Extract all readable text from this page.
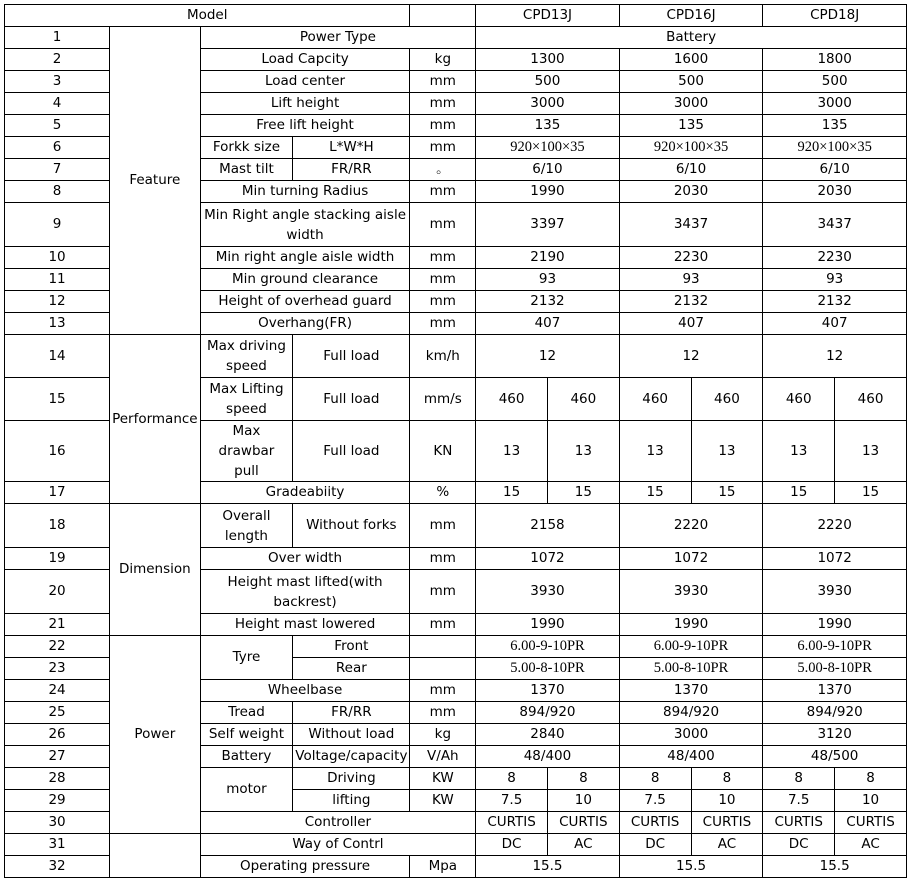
Model					CPD13J		CPD16J		CPD18J	
1	Feature	Power Type			Battery					
2		Load Capcity		kg	1300		1600		1800	
3		Load center		mm	500		500		500	
4		Lift height		mm	3000		3000		3000	
5		Free lift height		mm	135		135		135	
6		Forkk size	L*W*H	mm	920×100×35		920×100×35		920×100×35	
7		Mast tilt	FR/RR	。	6/10		6/10		6/10	
8		Min turning Radius		mm	1990		2030		2030	
9		Min Right angle stacking aisle
width		mm	3397		3437		3437	
10		Min right angle aisle width		mm	2190		2230		2230	
11		Min ground clearance		mm	93		93		93	
12		Height of overhead guard		mm	2132		2132		2132	
13		Overhang(FR)		mm	407		407		407	
14	Performance	Max driving
speed	Full load	km/h	12		12		12	
15		Max Lifting
speed	Full load	mm/s	460	460	460	460	460	460
16		Max drawbar
pull	Full load	KN	13	13	13	13	13	13
17		Gradeabiity		%	15	15	15	15	15	15
18	Dimension	Overall
length	Without forks	mm	2158		2220		2220	
19		Over width		mm	1072		1072		1072	
20		Height mast lifted(with
backrest)		mm	3930		3930		3930	
21		Height mast lowered		mm	1990		1990		1990	
22	Power	Tyre	Front		6.00-9-10PR		6.00-9-10PR		6.00-9-10PR	
23			Rear		5.00-8-10PR		5.00-8-10PR		5.00-8-10PR	
24		Wheelbase		mm	1370		1370		1370	
25		Tread	FR/RR	mm	894/920		894/920		894/920	
26		Self weight	Without load	kg	2840		3000		3120	
27		Battery	Voltage/capacity	V/Ah	48/400		48/400		48/500	
28		motor	Driving	KW	8	8	8	8	8	8
29			lifting	KW	7.5	10	7.5	10	7.5	10
30		Controller			CURTIS	CURTIS	CURTIS	CURTIS	CURTIS	CURTIS
31		Way of Contrl			DC	AC	DC	AC	DC	AC
32		Operating pressure		Mpa	15.5		15.5		15.5	
